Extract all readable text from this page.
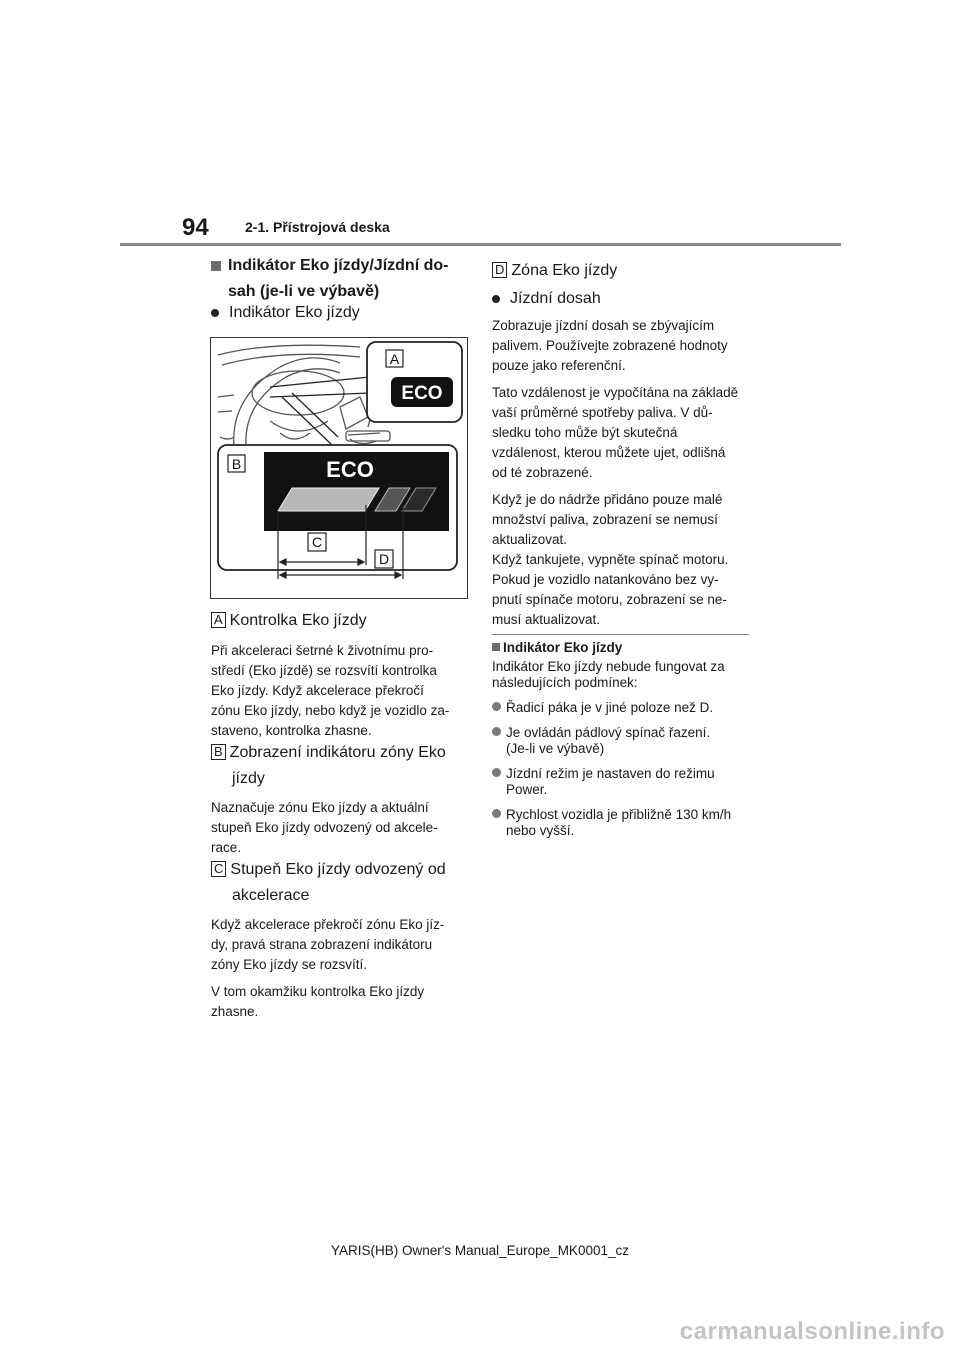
94	2-1. Přístrojová deska
Indikátor Eko jízdy/Jízdní do-
sah (je-li ve výbavě)
Indikátor Eko jízdy
A
ECO
B	ECO
C
D
A Kontrolka Eko jízdy
Při akceleraci šetrné k životnímu pro-
středí (Eko jízdě) se rozsvítí kontrolka
Eko jízdy. Když akcelerace překročí
zónu Eko jízdy, nebo když je vozidlo za-
staveno, kontrolka zhasne.
B Zobrazení indikátoru zóny Eko
jízdy
Naznačuje zónu Eko jízdy a aktuální
stupeň Eko jízdy odvozený od akcele-
race.
C Stupeň Eko jízdy odvozený od
akcelerace
Když akcelerace překročí zónu Eko jíz-
dy, pravá strana zobrazení indikátoru
zóny Eko jízdy se rozsvítí.
V tom okamžiku kontrolka Eko jízdy
zhasne.
D Zóna Eko jízdy
Jízdní dosah
Zobrazuje jízdní dosah se zbývajícím
palivem. Používejte zobrazené hodnoty
pouze jako referenční.
Tato vzdálenost je vypočítána na základě
vaší průměrné spotřeby paliva. V dů-
sledku toho může být skutečná
vzdálenost, kterou můžete ujet, odlišná
od té zobrazené.
Když je do nádrže přidáno pouze malé
množství paliva, zobrazení se nemusí
aktualizovat.
Když tankujete, vypněte spínač motoru.
Pokud je vozidlo natankováno bez vy-
pnutí spínače motoru, zobrazení se ne-
musí aktualizovat.
Indikátor Eko jízdy
Indikátor Eko jízdy nebude fungovat za
následujících podmínek:
Řadicí páka je v jiné poloze než D.
Je ovládán pádlový spínač řazení.
(Je-li ve výbavě)
Jízdní režim je nastaven do režimu
Power.
Rychlost vozidla je přibližně 130 km/h
nebo vyšší.
YARIS(HB) Owner's Manual_Europe_MK0001_cz
carmanualsonline.info
